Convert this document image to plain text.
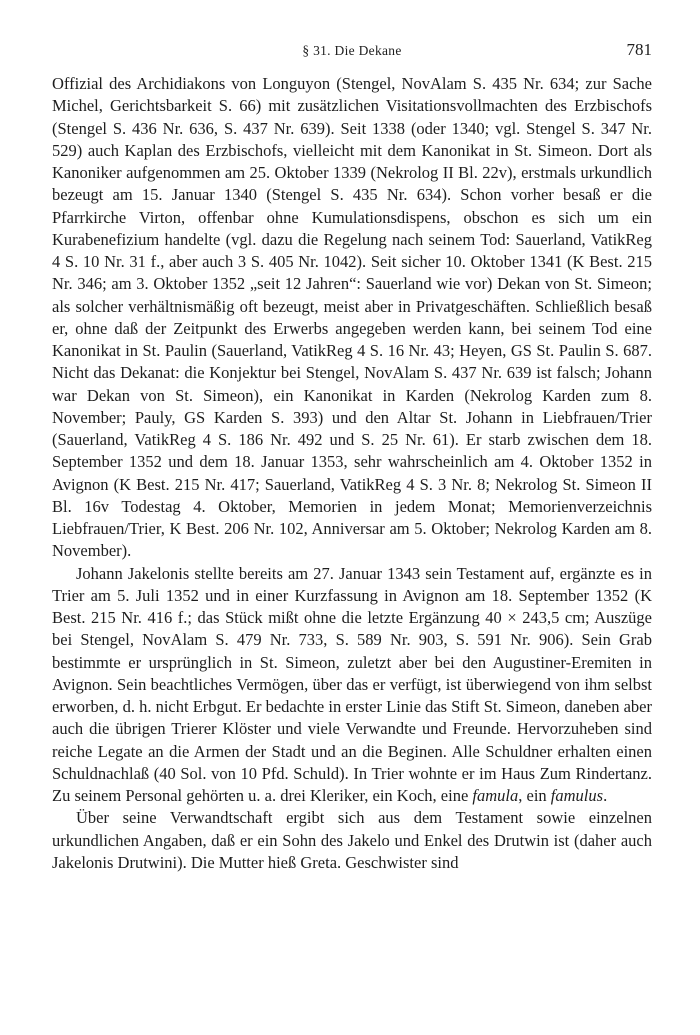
§ 31. Die Dekane	781

Offizial des Archidiakons von Longuyon (Stengel, NovAlam S. 435 Nr. 634; zur Sache Michel, Gerichtsbarkeit S. 66) mit zusätzlichen Visitationsvollmachten des Erzbischofs (Stengel S. 436 Nr. 636, S. 437 Nr. 639). Seit 1338 (oder 1340; vgl. Stengel S. 347 Nr. 529) auch Kaplan des Erzbischofs, vielleicht mit dem Kanonikat in St. Simeon. Dort als Kanoniker aufgenommen am 25. Oktober 1339 (Nekrolog II Bl. 22v), erstmals urkundlich bezeugt am 15. Januar 1340 (Stengel S. 435 Nr. 634). Schon vorher besaß er die Pfarrkirche Virton, offenbar ohne Kumulationsdispens, obschon es sich um ein Kurabenefizium handelte (vgl. dazu die Regelung nach seinem Tod: Sauerland, VatikReg 4 S. 10 Nr. 31 f., aber auch 3 S. 405 Nr. 1042). Seit sicher 10. Oktober 1341 (K Best. 215 Nr. 346; am 3. Oktober 1352 „seit 12 Jahren“: Sauerland wie vor) Dekan von St. Simeon; als solcher verhältnismäßig oft bezeugt, meist aber in Privatgeschäften. Schließlich besaß er, ohne daß der Zeitpunkt des Erwerbs angegeben werden kann, bei seinem Tod eine Kanonikat in St. Paulin (Sauerland, VatikReg 4 S. 16 Nr. 43; Heyen, GS St. Paulin S. 687. Nicht das Dekanat: die Konjektur bei Stengel, NovAlam S. 437 Nr. 639 ist falsch; Johann war Dekan von St. Simeon), ein Kanonikat in Karden (Nekrolog Karden zum 8. November; Pauly, GS Karden S. 393) und den Altar St. Johann in Liebfrauen/Trier (Sauerland, VatikReg 4 S. 186 Nr. 492 und S. 25 Nr. 61). Er starb zwischen dem 18. September 1352 und dem 18. Januar 1353, sehr wahrscheinlich am 4. Oktober 1352 in Avignon (K Best. 215 Nr. 417; Sauerland, VatikReg 4 S. 3 Nr. 8; Nekrolog St. Simeon II Bl. 16v Todestag 4. Oktober, Memorien in jedem Monat; Memorienverzeichnis Liebfrauen/Trier, K Best. 206 Nr. 102, Anniversar am 5. Oktober; Nekrolog Karden am 8. November).

Johann Jakelonis stellte bereits am 27. Januar 1343 sein Testament auf, ergänzte es in Trier am 5. Juli 1352 und in einer Kurzfassung in Avignon am 18. September 1352 (K Best. 215 Nr. 416 f.; das Stück mißt ohne die letzte Ergänzung 40 × 243,5 cm; Auszüge bei Stengel, NovAlam S. 479 Nr. 733, S. 589 Nr. 903, S. 591 Nr. 906). Sein Grab bestimmte er ursprünglich in St. Simeon, zuletzt aber bei den Augustiner-Eremiten in Avignon. Sein beachtliches Vermögen, über das er verfügt, ist überwiegend von ihm selbst erworben, d. h. nicht Erbgut. Er bedachte in erster Linie das Stift St. Simeon, daneben aber auch die übrigen Trierer Klöster und viele Verwandte und Freunde. Hervorzuheben sind reiche Legate an die Armen der Stadt und an die Beginen. Alle Schuldner erhalten einen Schuldnachlaß (40 Sol. von 10 Pfd. Schuld). In Trier wohnte er im Haus Zum Rindertanz. Zu seinem Personal gehörten u. a. drei Kleriker, ein Koch, eine famula, ein famulus.

Über seine Verwandtschaft ergibt sich aus dem Testament sowie einzelnen urkundlichen Angaben, daß er ein Sohn des Jakelo und Enkel des Drutwin ist (daher auch Jakelonis Drutwini). Die Mutter hieß Greta. Geschwister sind
